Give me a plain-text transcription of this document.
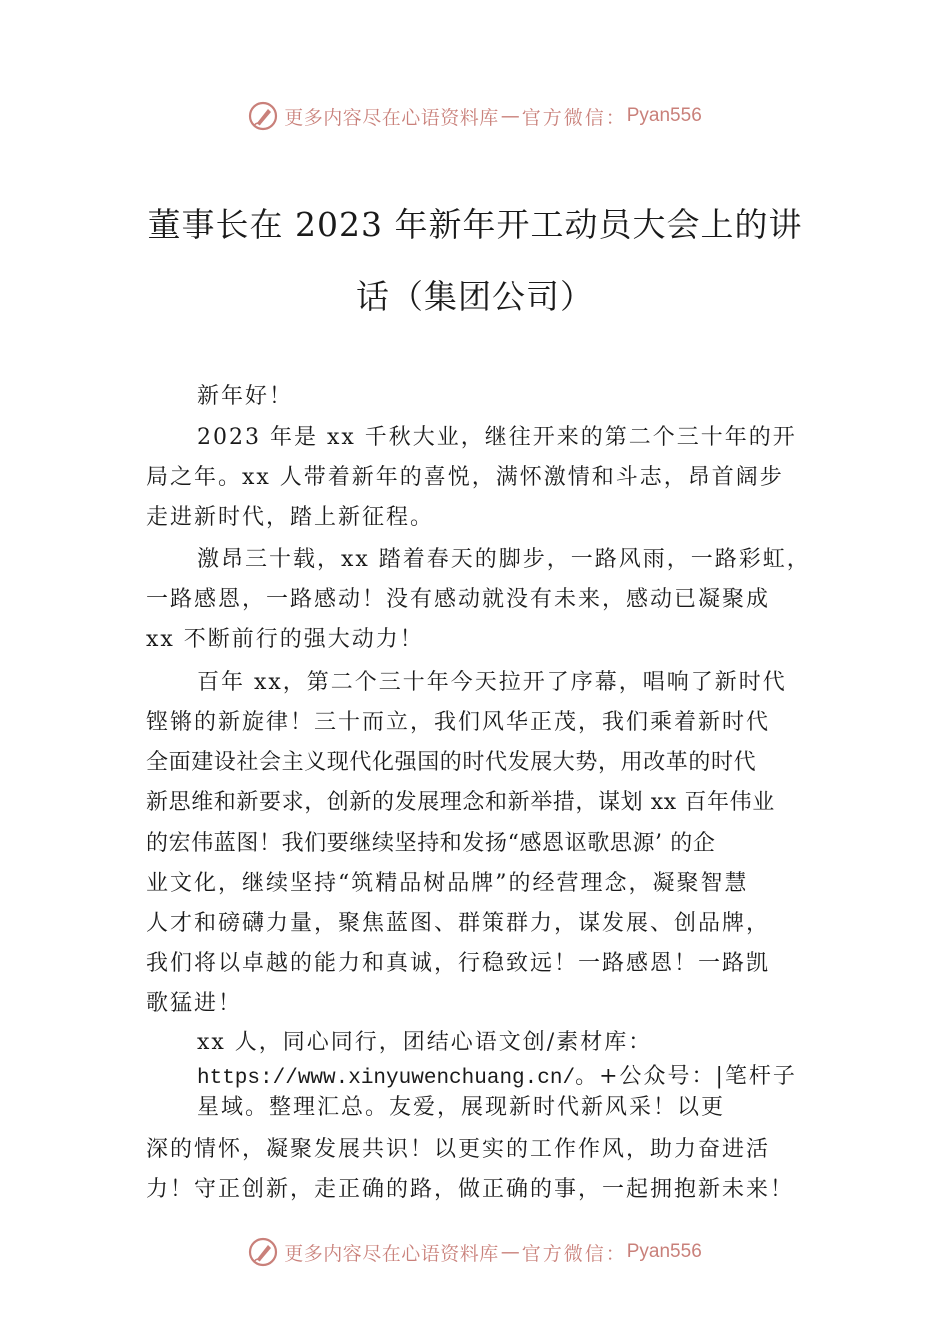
更多内容尽在心语资料库 — 官方微信： Pyan556
董事长在 2023 年新年开工动员大会上的讲
话（集团公司）
新年好！
2023 年是 xx 千秋大业，继往开来的第二个三十年的开
局之年。xx 人带着新年的喜悦，满怀激情和斗志，昂首阔步
走进新时代，踏上新征程。
激昂三十载，xx 踏着春天的脚步，一路风雨，一路彩虹，
一路感恩，一路感动！没有感动就没有未来，感动已凝聚成
xx 不断前行的强大动力！
百年 xx，第二个三十年今天拉开了序幕，唱响了新时代
铿锵的新旋律！三十而立，我们风华正茂，我们乘着新时代
全面建设社会主义现代化强国的时代发展大势，用改革的时代
新思维和新要求，创新的发展理念和新举措，谋划 xx 百年伟业
的宏伟蓝图！我们要继续坚持和发扬“感恩讴歌思源’ 的企
业文化，继续坚持“筑精品树品牌”的经营理念，凝聚智慧
人才和磅礴力量，聚焦蓝图、群策群力，谋发展、创品牌，
我们将以卓越的能力和真诚，行稳致远！一路感恩！一路凯
歌猛进！
xx 人，同心同行，团结心语文创/素材库：
https://www.xinyuwenchuang.cn/。+公众号：|笔杆子
星域。整理汇总。友爱，展现新时代新风采！以更
深的情怀，凝聚发展共识！以更实的工作作风，助力奋进活
力！守正创新，走正确的路，做正确的事，一起拥抱新未来！
更多内容尽在心语资料库 — 官方微信： Pyan556
